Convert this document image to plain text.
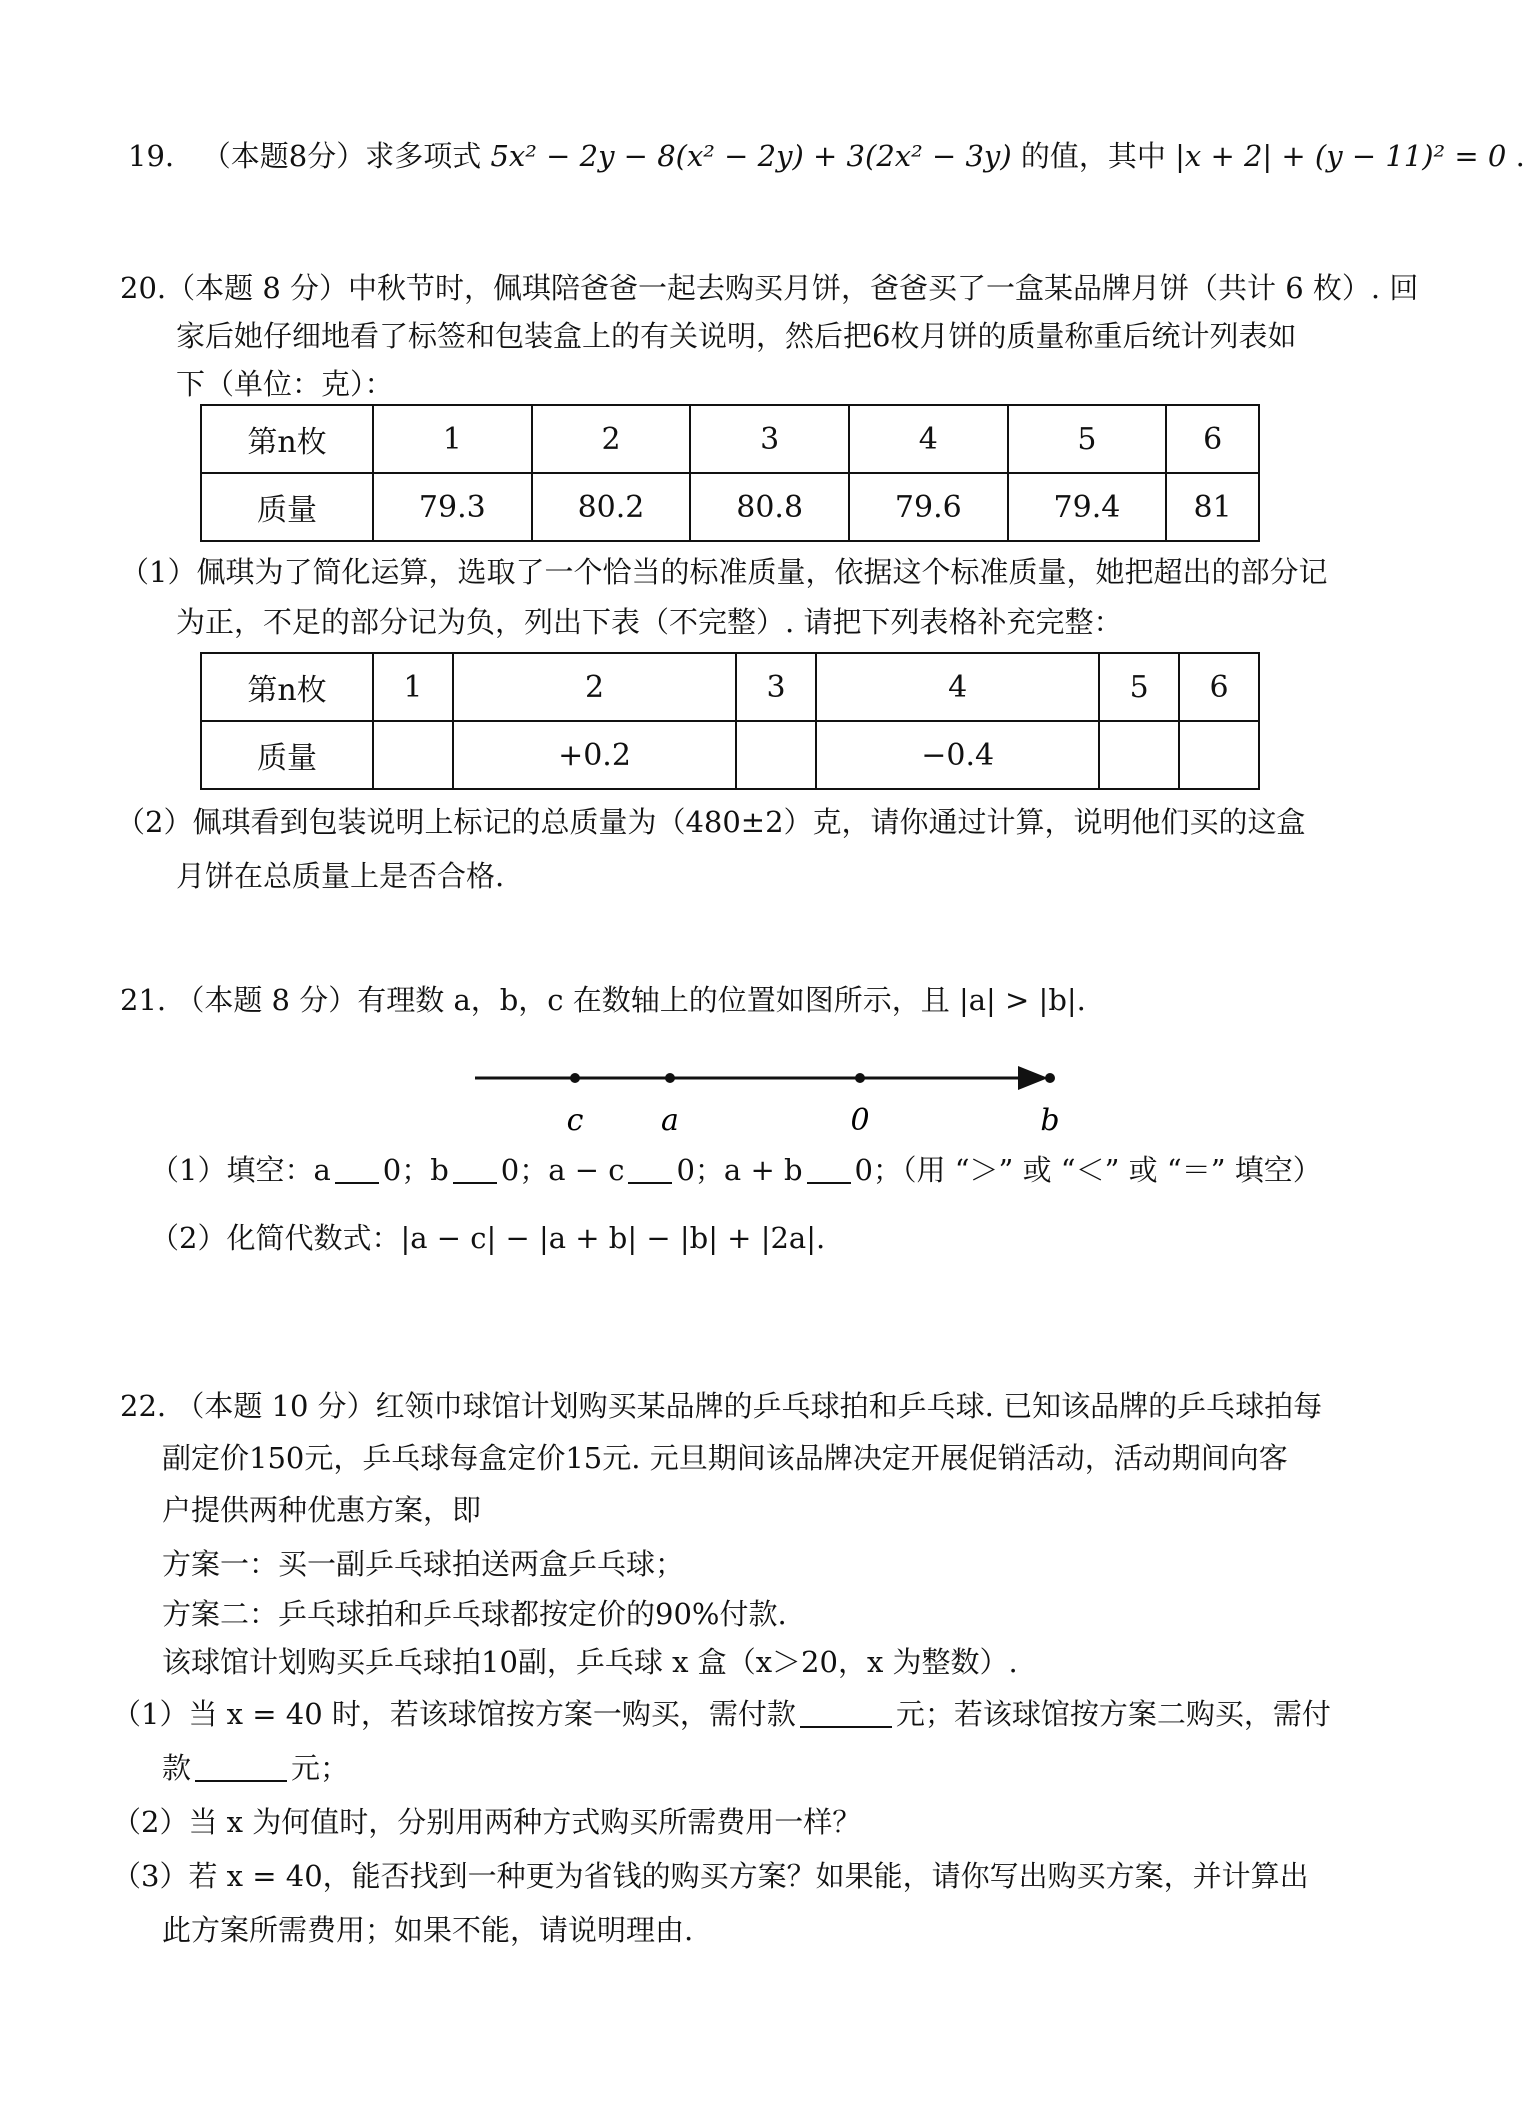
19. （本题8分）求多项式 5x² − 2y − 8(x² − 2y) + 3(2x² − 3y) 的值，其中 |x + 2| + (y − 11)² = 0 .
20.（本题 8 分）中秋节时，佩琪陪爸爸一起去购买月饼，爸爸买了一盒某品牌月饼（共计 6 枚）. 回
家后她仔细地看了标签和包装盒上的有关说明，然后把6枚月饼的质量称重后统计列表如
下（单位：克）：
第n枚	1	2	3	4	5	6
质量	79.3	80.2	80.8	79.6	79.4	81
（1）佩琪为了简化运算，选取了一个恰当的标准质量，依据这个标准质量，她把超出的部分记
为正，不足的部分记为负，列出下表（不完整）. 请把下列表格补充完整：
第n枚	1	2	3	4	5	6
质量		+0.2		−0.4		
（2）佩琪看到包装说明上标记的总质量为（480±2）克，请你通过计算，说明他们买的这盒
月饼在总质量上是否合格.
21. （本题 8 分）有理数 a，b，c 在数轴上的位置如图所示，且 |a| > |b|.
c	a	0	b
（1）填空：a 0；b 0；a − c 0；a + b 0；（用 “＞” 或 “＜” 或 “＝” 填空）
（2）化简代数式：|a − c| − |a + b| − |b| + |2a|.
22. （本题 10 分）红领巾球馆计划购买某品牌的乒乓球拍和乒乓球. 已知该品牌的乒乓球拍每
副定价150元，乒乓球每盒定价15元. 元旦期间该品牌决定开展促销活动，活动期间向客
户提供两种优惠方案，即
方案一：买一副乒乓球拍送两盒乒乓球；
方案二：乒乓球拍和乒乓球都按定价的90%付款.
该球馆计划购买乒乓球拍10副，乒乓球 x 盒（x＞20，x 为整数）.
（1）当 x = 40 时，若该球馆按方案一购买，需付款	元；若该球馆按方案二购买，需付
款	元；
（2）当 x 为何值时，分别用两种方式购买所需费用一样？
（3）若 x = 40，能否找到一种更为省钱的购买方案？如果能，请你写出购买方案，并计算出
此方案所需费用；如果不能，请说明理由.
